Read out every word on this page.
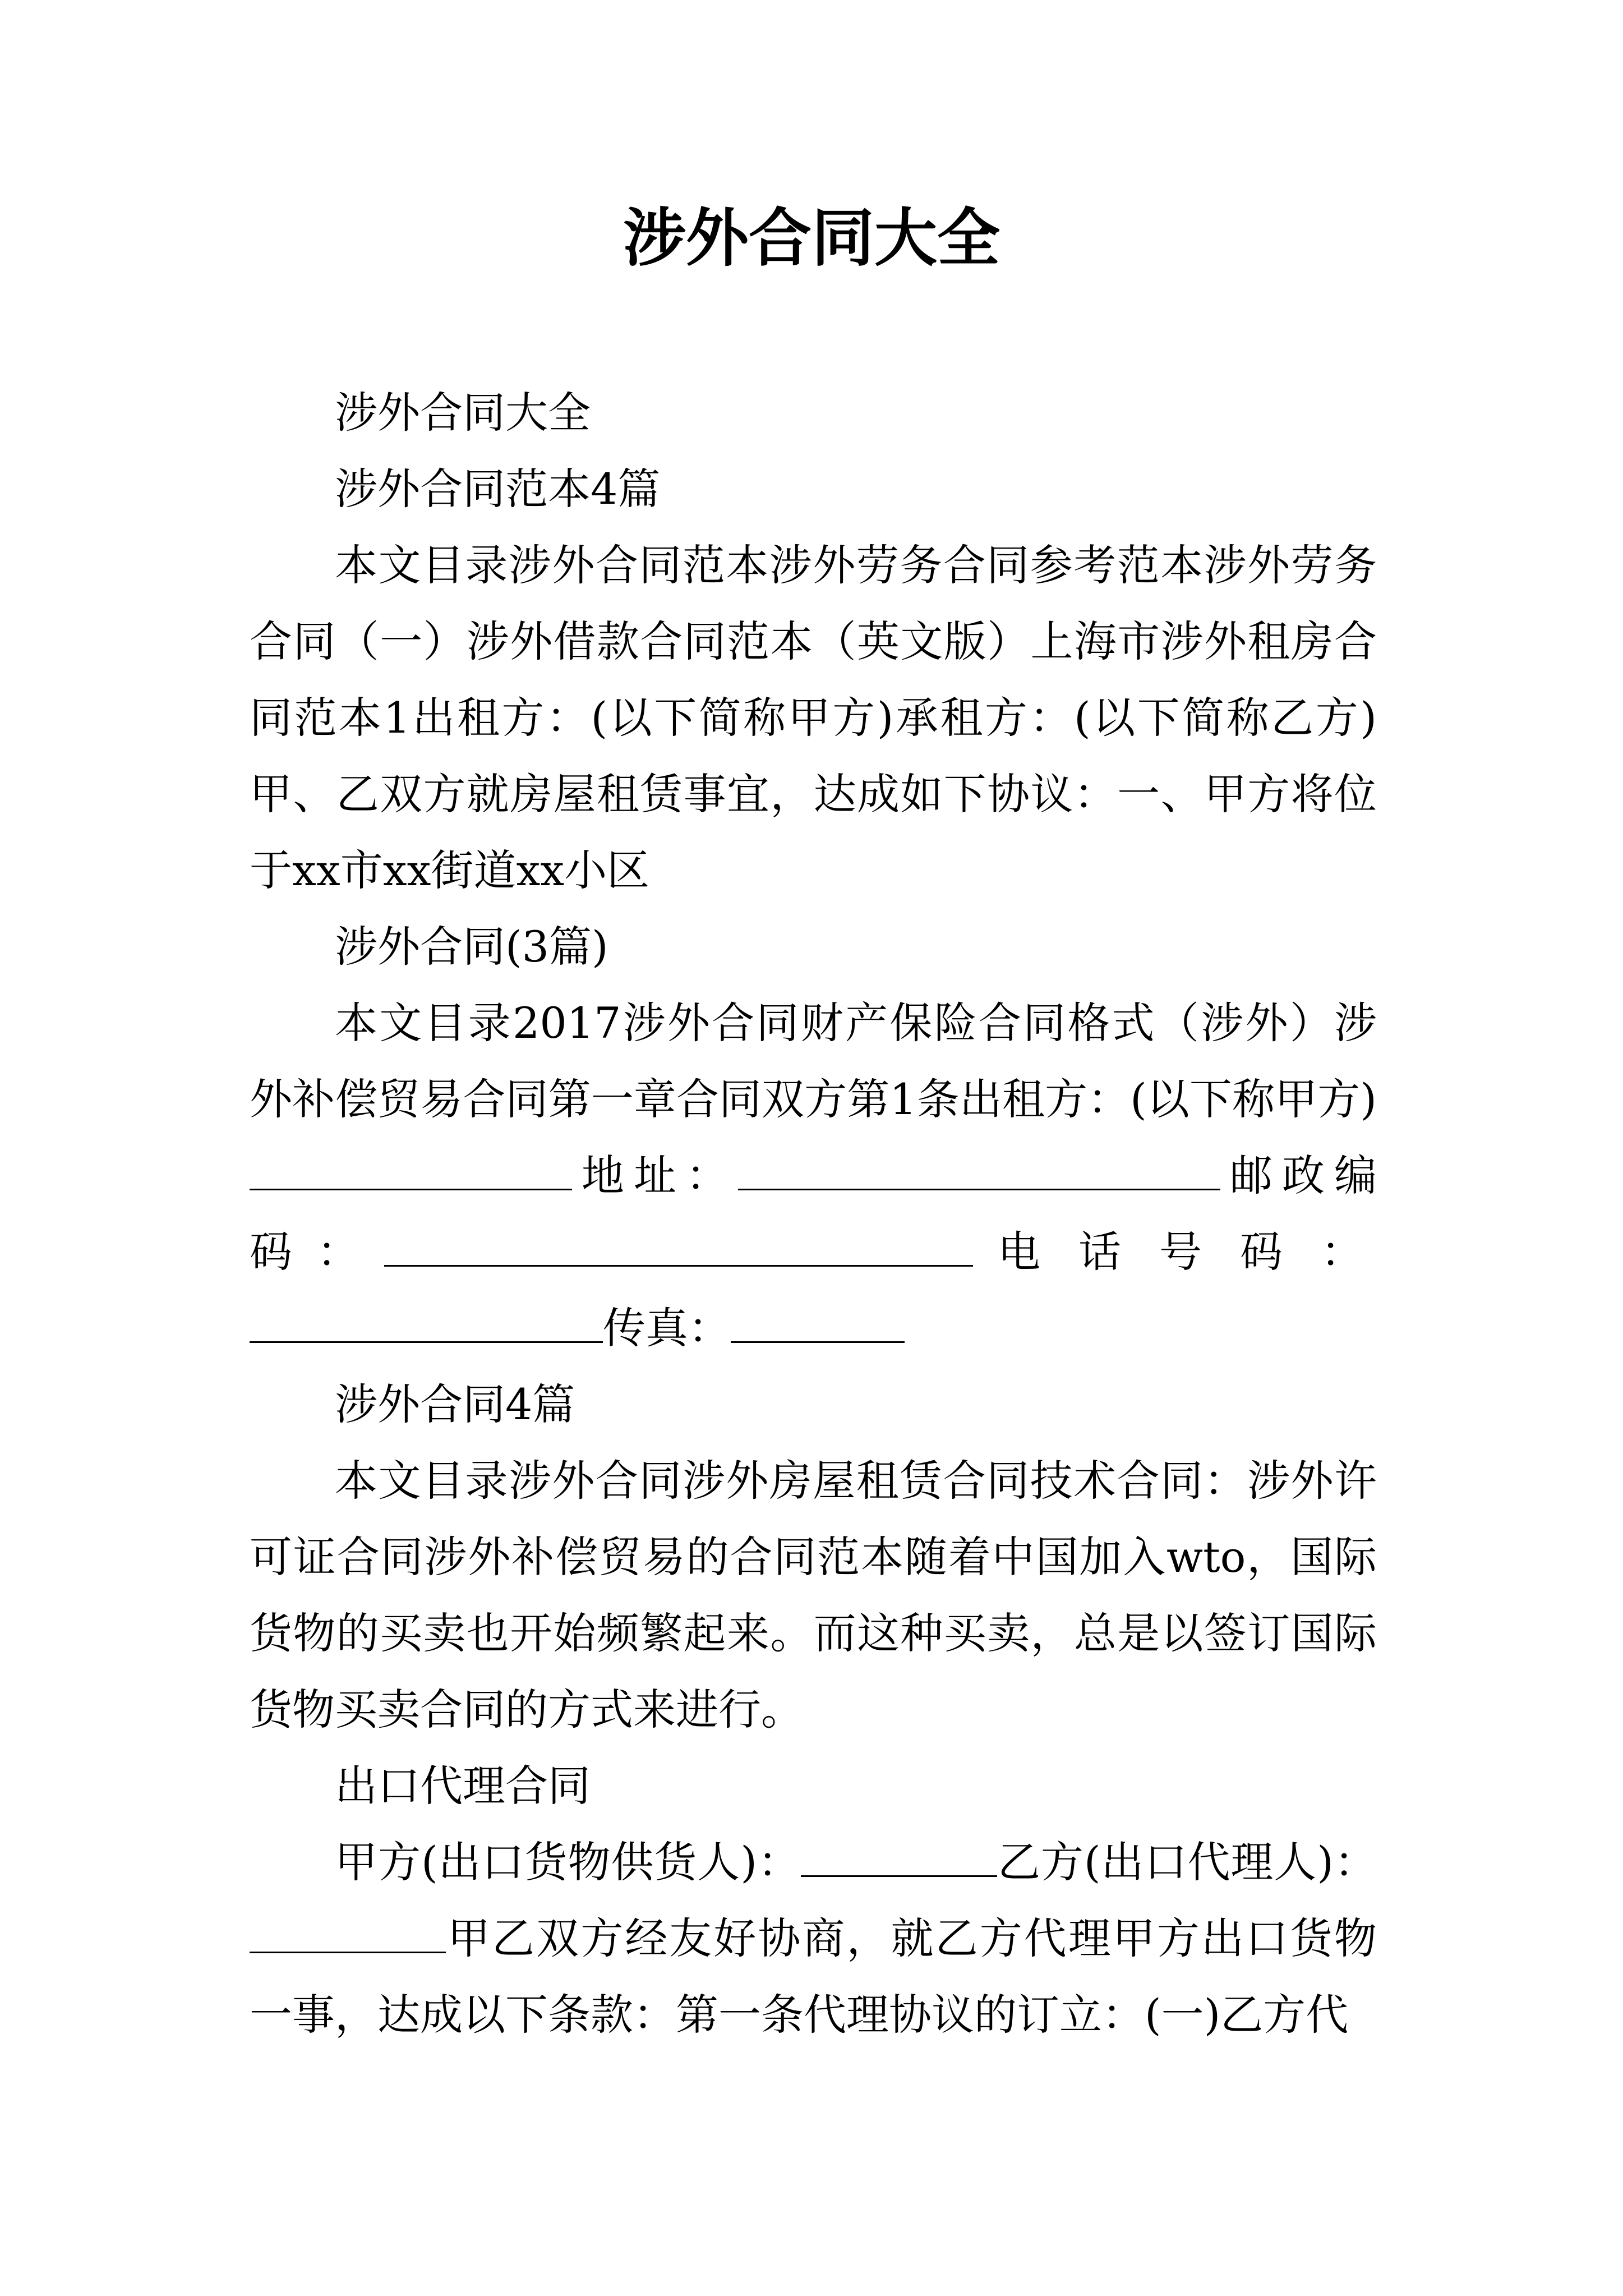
涉外合同大全

涉外合同大全

涉外合同范本4篇

本文目录涉外合同范本涉外劳务合同参考范本涉外劳务合同（一）涉外借款合同范本（英文版）上海市涉外租房合同范本1出租方：(以下简称甲方)承租方：(以下简称乙方)甲、乙双方就房屋租赁事宜，达成如下协议：一、甲方将位于xx市xx街道xx小区

涉外合同(3篇)

本文目录2017涉外合同财产保险合同格式（涉外）涉外补偿贸易合同第一章合同双方第1条出租方：(以下称甲方)地址：	邮政编码：	电话号码：传真：

涉外合同4篇

本文目录涉外合同涉外房屋租赁合同技术合同：涉外许可证合同涉外补偿贸易的合同范本随着中国加入wto，国际货物的买卖也开始频繁起来。而这种买卖，总是以签订国际货物买卖合同的方式来进行。

出口代理合同

甲方(出口货物供货人)：	乙方(出口代理人)：甲乙双方经友好协商，就乙方代理甲方出口货物一事，达成以下条款：第一条代理协议的订立：(一)乙方代
